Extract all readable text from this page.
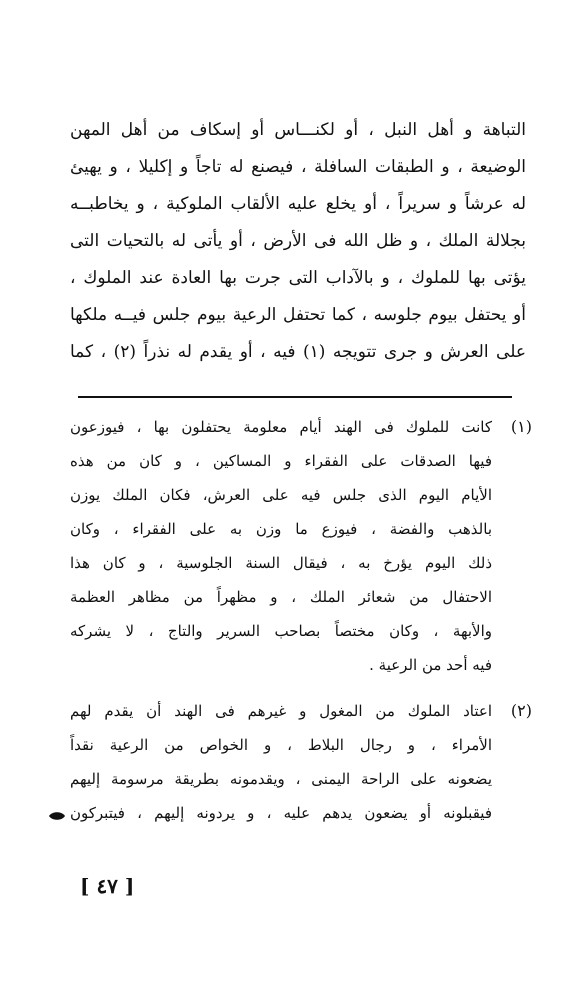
التباهة و أهل النبل ، أو لكنـــاس أو إسكاف من أهل المهن
الوضيعة ، و الطبقات السافلة ، فيصنع له تاجاً و إكليلا ، و يهيئ
له عرشاً و سريراً ، أو يخلع عليه الألقاب الملوكية ، و يخاطبــه
بجلالة الملك ، و ظل الله فى الأرض ، أو يأتى له بالتحيات التى
يؤتى بها للملوك ، و بالآداب التى جرت بها العادة عند الملوك ،
أو يحتفل بيوم جلوسه ، كما تحتفل الرعية بيوم جلس فيــه ملكها
على العرش و جرى تتويجه (١) فيه ، أو يقدم له نذراً (٢) ، كما
(١)
كانت للملوك فى الهند أيام معلومة يحتفلون بها ، فيوزعون
فيها الصدقات على الفقراء و المساكين ، و كان من هذه
الأيام اليوم الذى جلس فيه على العرش، فكان الملك يوزن
بالذهب والفضة ، فيوزع ما وزن به على الفقراء ، وكان
ذلك اليوم يؤرخ به ، فيقال السنة الجلوسية ، و كان هذا
الاحتفال من شعائر الملك ، و مظهراً من مظاهر العظمة
والأبهة ، وكان مختصاً بصاحب السرير والتاج ، لا يشركه
فيه أحد من الرعية .
(٢)
اعتاد الملوك من المغول و غيرهم فى الهند أن يقدم لهم
الأمراء ، و رجال البلاط ، و الخواص من الرعية نقداً
يضعونه على الراحة اليمنى ، ويقدمونه بطريقة مرسومة إليهم
فيقبلونه أو يضعون يدهم عليه ، و يردونه إليهم ، فيتبركون
[ ٤٧ ]
